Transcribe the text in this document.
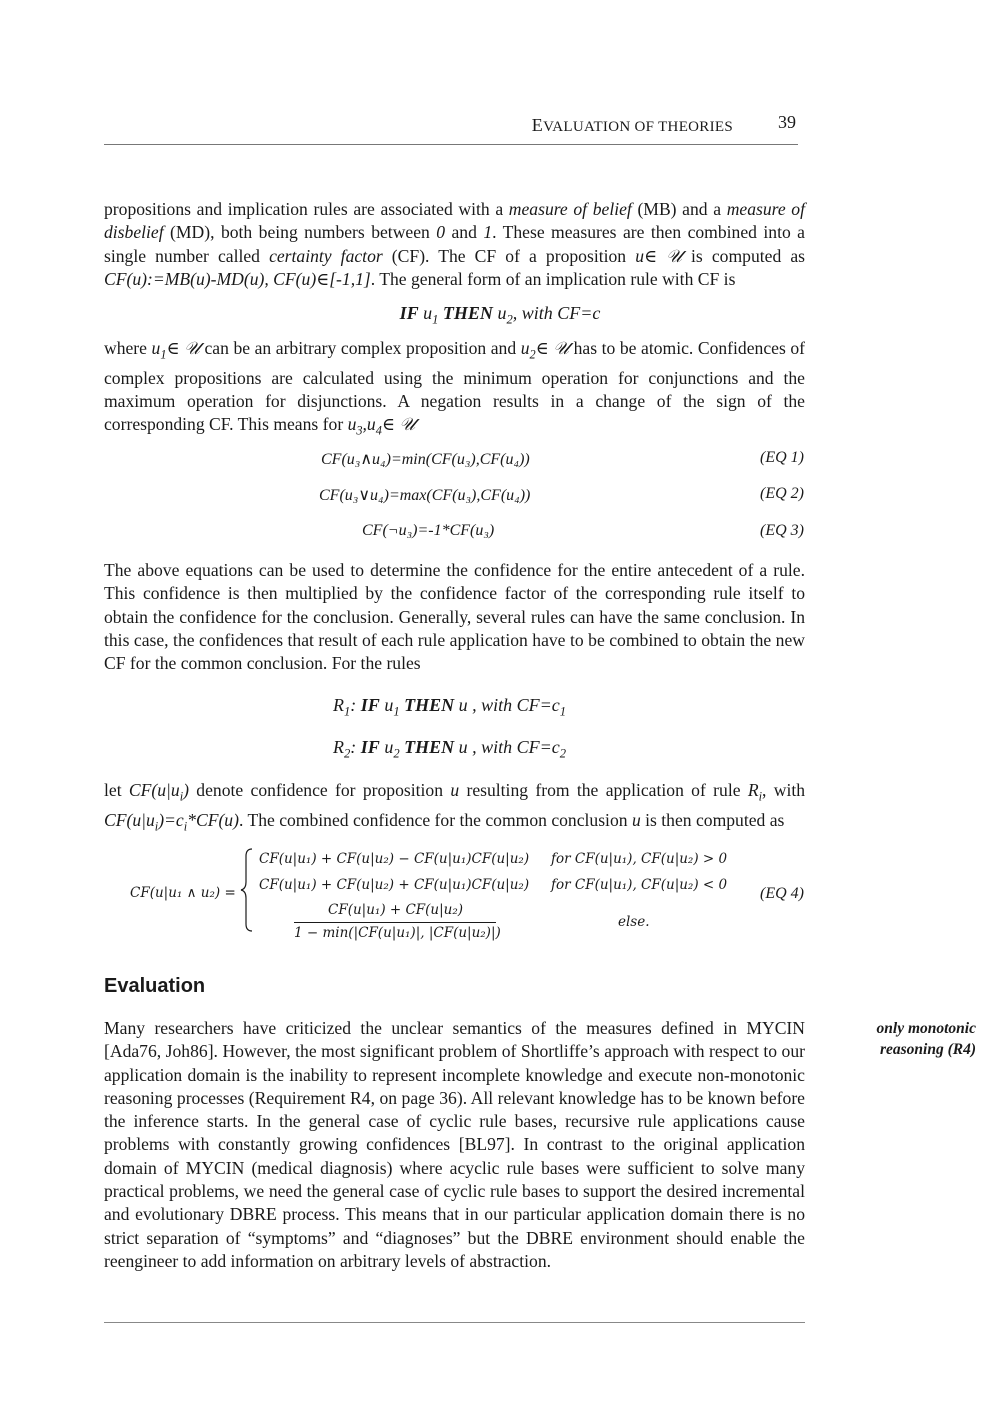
EVALUATION OF THEORIES	39

propositions and implication rules are associated with a measure of belief (MB) and a measure of disbelief (MD), both being numbers between 0 and 1. These measures are then combined into a single number called certainty factor (CF). The CF of a proposition u∈ 𝒰 is computed as CF(u):=MB(u)-MD(u), CF(u)∈[-1,1]. The general form of an implication rule with CF is

IF $u_1$ THEN $u_2$, with CF=c

where $u_1\in$ 𝒰 can be an arbitrary complex proposition and $u_2\in$ 𝒰 has to be atomic. Confidences of complex propositions are calculated using the minimum operation for conjunctions and the maximum operation for disjunctions. A negation results in a change of the sign of the corresponding CF. This means for $u_3,u_4\in$ 𝒰

CF(u₃∧u₄)=min(CF(u₃),CF(u₄))	(EQ 1)
CF(u₃∨u₄)=max(CF(u₃),CF(u₄))	(EQ 2)
CF(¬u₃)=-1*CF(u₃)	(EQ 3)

The above equations can be used to determine the confidence for the entire antecedent of a rule. This confidence is then multiplied by the confidence factor of the corresponding rule itself to obtain the confidence for the conclusion. Generally, several rules can have the same conclusion. In this case, the confidences that result of each rule application have to be combined to obtain the new CF for the common conclusion. For the rules

$R_1$: IF $u_1$ THEN u , with $CF=c_1$
$R_2$: IF $u_2$ THEN u , with $CF=c_2$

let $CF(u|u_i)$ denote confidence for proposition u resulting from the application of rule $R_i$, with $CF(u|u_i)=c_i*CF(u)$. The combined confidence for the common conclusion u is then computed as

CF(u|u₁ ∧ u₂) =
CF(u|u₁) + CF(u|u₂) − CF(u|u₁)CF(u|u₂) for CF(u|u₁), CF(u|u₂) > 0
CF(u|u₁) + CF(u|u₂) + CF(u|u₁)CF(u|u₂) for CF(u|u₁), CF(u|u₂) < 0
CF(u|u₁) + CF(u|u₂)
1 − min(|CF(u|u₁)|, |CF(u|u₂)|)
else.
(EQ 4)
Evaluation
only monotonic reasoning (R4)

Many researchers have criticized the unclear semantics of the measures defined in MYCIN [Ada76, Joh86]. However, the most significant problem of Shortliffe’s approach with respect to our application domain is the inability to represent incomplete knowledge and execute non-monotonic reasoning processes (Requirement R4, on page 36). All relevant knowledge has to be known before the inference starts. In the general case of cyclic rule bases, recursive rule applications cause problems with constantly growing confidences [BL97]. In contrast to the original application domain of MYCIN (medical diagnosis) where acyclic rule bases were sufficient to solve many practical problems, we need the general case of cyclic rule bases to support the desired incremental and evolutionary DBRE process. This means that in our particular application domain there is no strict separation of “symptoms” and “diagnoses” but the DBRE environment should enable the reengineer to add information on arbitrary levels of abstraction.
